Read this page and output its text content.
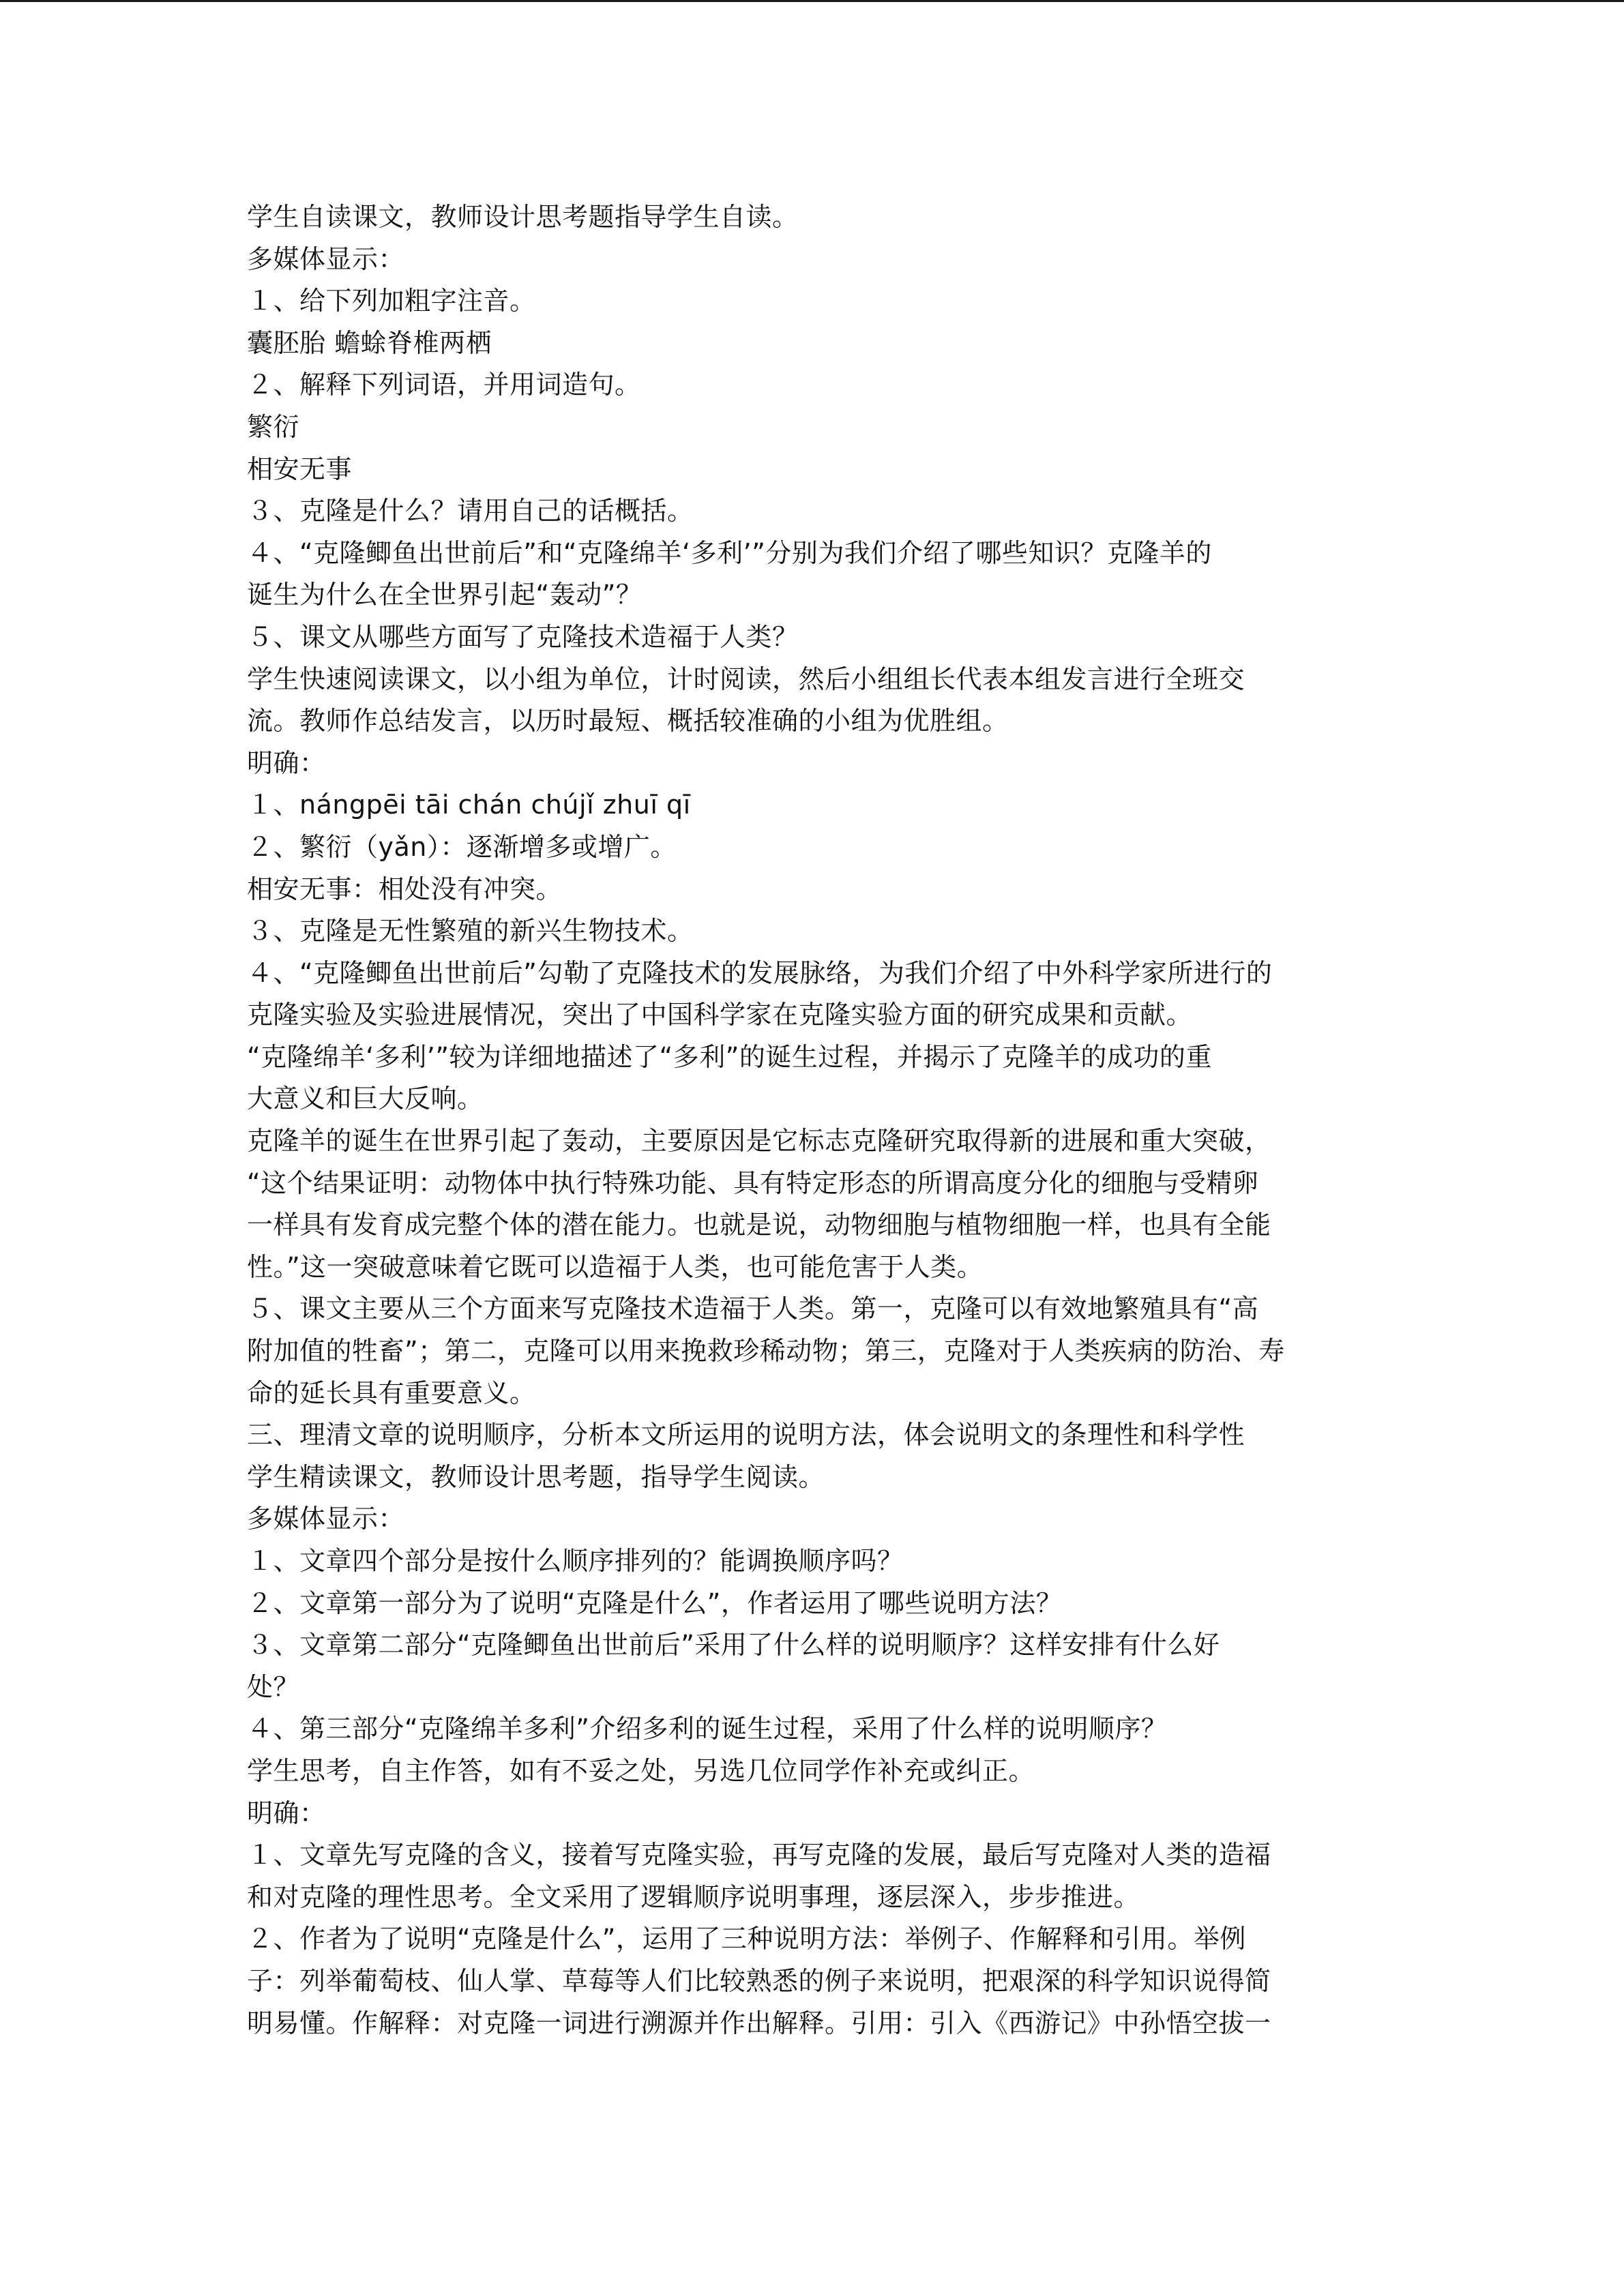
学生自读课文，教师设计思考题指导学生自读。
多媒体显示：
１、给下列加粗字注音。
囊胚胎 蟾蜍脊椎两栖
２、解释下列词语，并用词造句。
繁衍
相安无事
３、克隆是什么？请用自己的话概括。
４、“克隆鲫鱼出世前后”和“克隆绵羊‘多利’”分别为我们介绍了哪些知识？克隆羊的
诞生为什么在全世界引起“轰动”？
５、课文从哪些方面写了克隆技术造福于人类？
学生快速阅读课文，以小组为单位，计时阅读，然后小组组长代表本组发言进行全班交
流。教师作总结发言，以历时最短、概括较准确的小组为优胜组。
明确：
１、nángpēi tāi chán chújǐ zhuī qī
２、繁衍（yǎn）：逐渐增多或增广。
相安无事：相处没有冲突。
３、克隆是无性繁殖的新兴生物技术。
４、“克隆鲫鱼出世前后”勾勒了克隆技术的发展脉络，为我们介绍了中外科学家所进行的
克隆实验及实验进展情况，突出了中国科学家在克隆实验方面的研究成果和贡献。
“克隆绵羊‘多利’”较为详细地描述了“多利”的诞生过程，并揭示了克隆羊的成功的重
大意义和巨大反响。
克隆羊的诞生在世界引起了轰动，主要原因是它标志克隆研究取得新的进展和重大突破，
“这个结果证明：动物体中执行特殊功能、具有特定形态的所谓高度分化的细胞与受精卵
一样具有发育成完整个体的潜在能力。也就是说，动物细胞与植物细胞一样，也具有全能
性。”这一突破意味着它既可以造福于人类，也可能危害于人类。
５、课文主要从三个方面来写克隆技术造福于人类。第一，克隆可以有效地繁殖具有“高
附加值的牲畜”；第二，克隆可以用来挽救珍稀动物；第三，克隆对于人类疾病的防治、寿
命的延长具有重要意义。
三、理清文章的说明顺序，分析本文所运用的说明方法，体会说明文的条理性和科学性
学生精读课文，教师设计思考题，指导学生阅读。
多媒体显示：
１、文章四个部分是按什么顺序排列的？能调换顺序吗？
２、文章第一部分为了说明“克隆是什么”，作者运用了哪些说明方法？
３、文章第二部分“克隆鲫鱼出世前后”采用了什么样的说明顺序？这样安排有什么好
处？
４、第三部分“克隆绵羊多利”介绍多利的诞生过程，采用了什么样的说明顺序？
学生思考，自主作答，如有不妥之处，另选几位同学作补充或纠正。
明确：
１、文章先写克隆的含义，接着写克隆实验，再写克隆的发展，最后写克隆对人类的造福
和对克隆的理性思考。全文采用了逻辑顺序说明事理，逐层深入，步步推进。
２、作者为了说明“克隆是什么”，运用了三种说明方法：举例子、作解释和引用。举例
子：列举葡萄枝、仙人掌、草莓等人们比较熟悉的例子来说明，把艰深的科学知识说得简
明易懂。作解释：对克隆一词进行溯源并作出解释。引用：引入《西游记》中孙悟空拔一
